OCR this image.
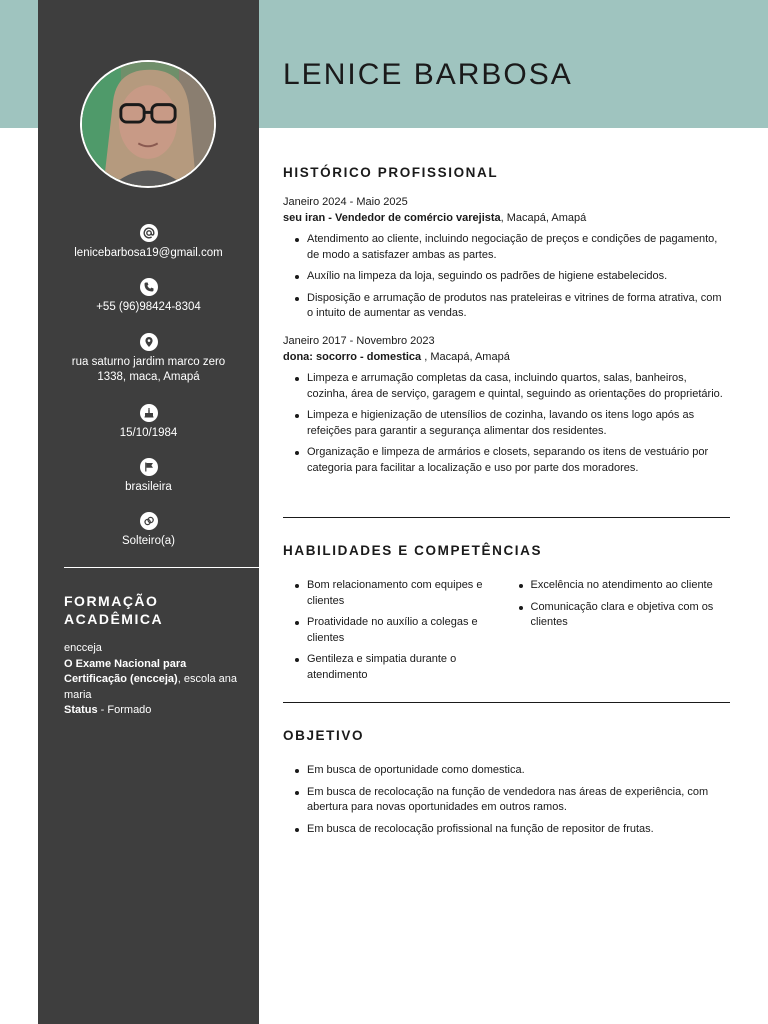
lenicebarbosa19@gmail.com
+55 (96)98424-8304
rua saturno jardim marco zero 1338, maca, Amapá
15/10/1984
brasileira
Solteiro(a)
FORMAÇÃO ACADÊMICA
encceja
O Exame Nacional para Certificação (encceja), escola ana maria
Status - Formado
LENICE BARBOSA
HISTÓRICO PROFISSIONAL
Janeiro 2024 - Maio 2025
seu iran - Vendedor de comércio varejista, Macapá, Amapá
Atendimento ao cliente, incluindo negociação de preços e condições de pagamento, de modo a satisfazer ambas as partes.
Auxílio na limpeza da loja, seguindo os padrões de higiene estabelecidos.
Disposição e arrumação de produtos nas prateleiras e vitrines de forma atrativa, com o intuito de aumentar as vendas.
Janeiro 2017 - Novembro 2023
dona: socorro - domestica , Macapá, Amapá
Limpeza e arrumação completas da casa, incluindo quartos, salas, banheiros, cozinha, área de serviço, garagem e quintal, seguindo as orientações do proprietário.
Limpeza e higienização de utensílios de cozinha, lavando os itens logo após as refeições para garantir a segurança alimentar dos residentes.
Organização e limpeza de armários e closets, separando os itens de vestuário por categoria para facilitar a localização e uso por parte dos moradores.
HABILIDADES E COMPETÊNCIAS
Bom relacionamento com equipes e clientes
Proatividade no auxílio a colegas e clientes
Gentileza e simpatia durante o atendimento
Excelência no atendimento ao cliente
Comunicação clara e objetiva com os clientes
OBJETIVO
Em busca de oportunidade como domestica.
Em busca de recolocação na função de vendedora nas áreas de experiência, com abertura para novas oportunidades em outros ramos.
Em busca de recolocação profissional na função de repositor de frutas.
